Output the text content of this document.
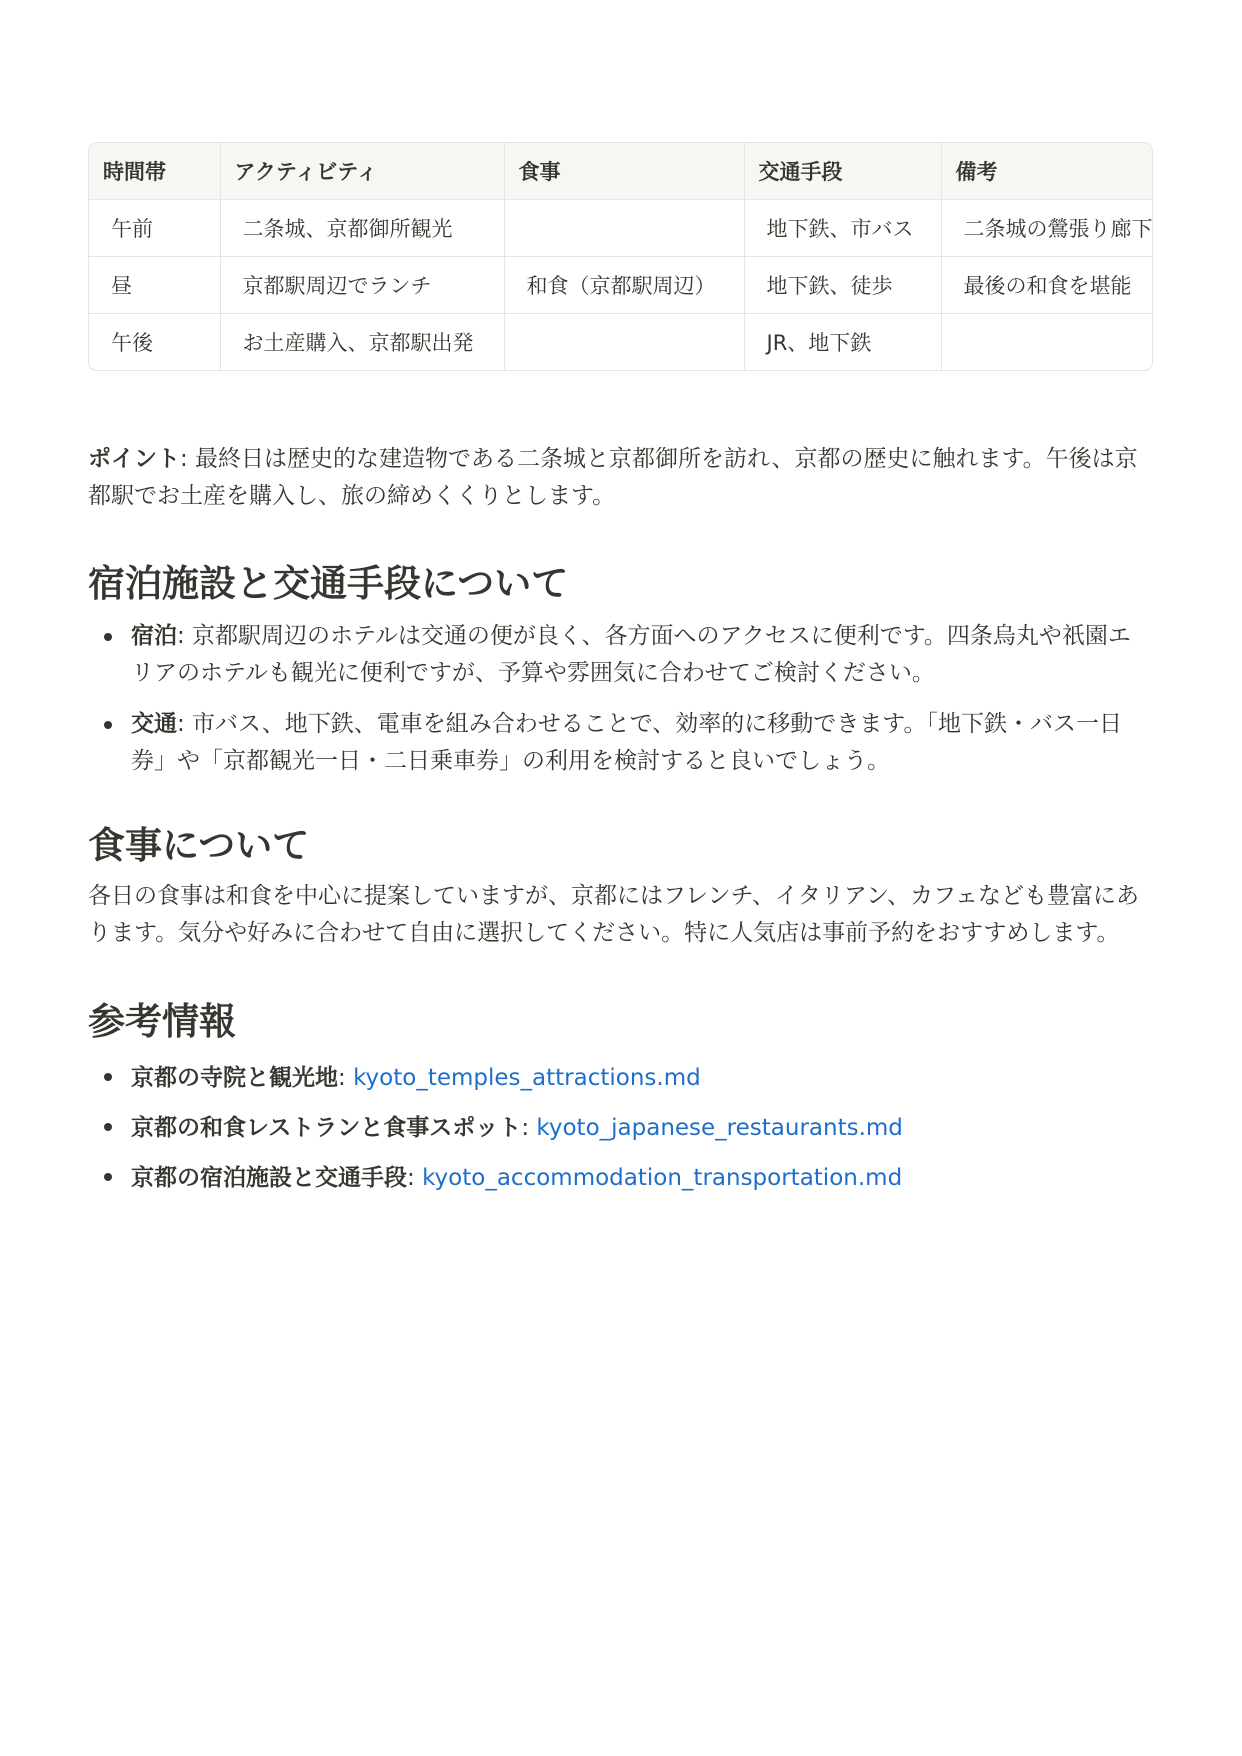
時間帯	アクティビティ	食事	交通手段	備考
午前	二条城、京都御所観光		地下鉄、市バス	二条城の鶯張り廊下
昼	京都駅周辺でランチ	和食（京都駅周辺）	地下鉄、徒歩	最後の和食を堪能
午後	お土産購入、京都駅出発		JR、地下鉄	

ポイント: 最終日は歴史的な建造物である二条城と京都御所を訪れ、京都の歴史に触れます。午後は京都駅でお土産を購入し、旅の締めくくりとします。

宿泊施設と交通手段について
宿泊: 京都駅周辺のホテルは交通の便が良く、各方面へのアクセスに便利です。四条烏丸や祇園エリアのホテルも観光に便利ですが、予算や雰囲気に合わせてご検討ください。
交通: 市バス、地下鉄、電車を組み合わせることで、効率的に移動できます。「地下鉄・バス一日券」や「京都観光一日・二日乗車券」の利用を検討すると良いでしょう。
食事について

各日の食事は和食を中心に提案していますが、京都にはフレンチ、イタリアン、カフェなども豊富にあります。気分や好みに合わせて自由に選択してください。特に人気店は事前予約をおすすめします。

参考情報
京都の寺院と観光地: kyoto_temples_attractions.md
京都の和食レストランと食事スポット: kyoto_japanese_restaurants.md
京都の宿泊施設と交通手段: kyoto_accommodation_transportation.md
